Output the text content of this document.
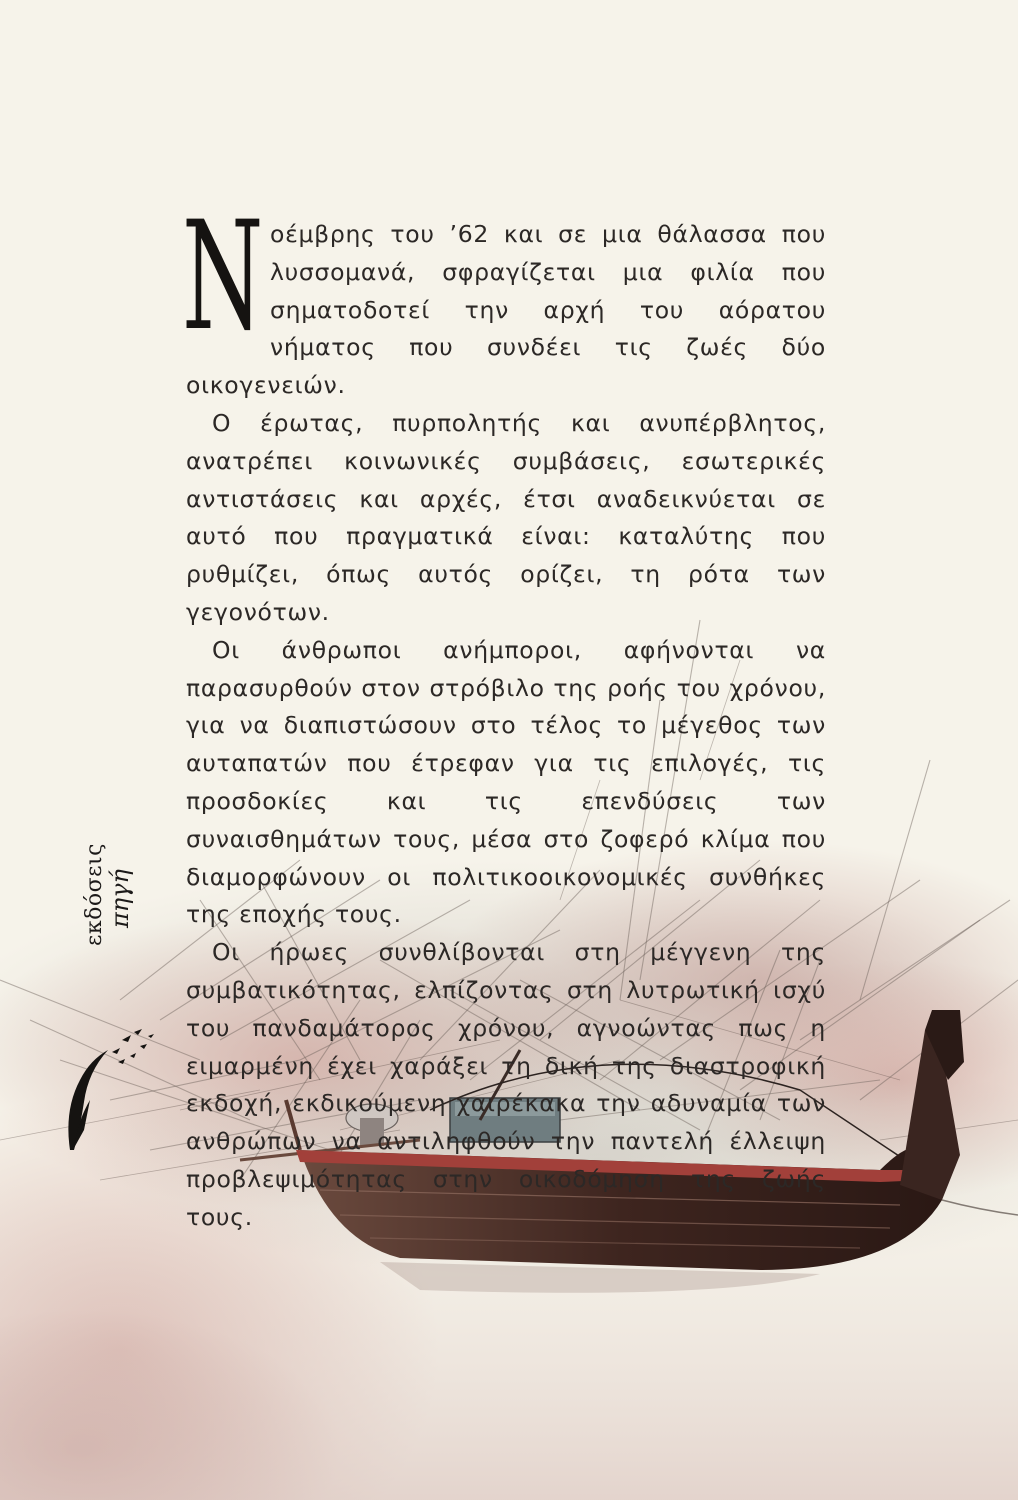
Νοέμβρης του ’62 και σε μια θάλασσα που λυσσομανά, σφραγίζεται μια φιλία που σηματοδοτεί την αρχή του αόρατου νήματος που συνδέει τις ζωές δύο οικογενειών.

Ο έρωτας, πυρπολητής και ανυπέρβλητος, ανατρέπει κοινωνικές συμβάσεις, εσωτερικές αντιστάσεις και αρχές, έτσι αναδεικνύεται σε αυτό που πραγματικά είναι: καταλύτης που ρυθμίζει, όπως αυτός ορίζει, τη ρότα των γεγονότων.

Οι άνθρωποι ανήμποροι, αφήνονται να παρασυρθούν στον στρόβιλο της ροής του χρόνου, για να διαπιστώσουν στο τέλος το μέγεθος των αυταπατών που έτρεφαν για τις επιλογές, τις προσδοκίες και τις επενδύσεις των συναισθημάτων τους, μέσα στο ζοφερό κλίμα που διαμορφώνουν οι πολιτικοοικονομικές συνθήκες της εποχής τους.

Οι ήρωες συνθλίβονται στη μέγγενη της συμβατικότητας, ελπίζοντας στη λυτρωτική ισχύ του πανδαμάτορος χρόνου, αγνοώντας πως η ειμαρμένη έχει χαράξει τη δική της διαστροφική εκδοχή, εκδικούμενη χαιρέκακα την αδυναμία των ανθρώπων να αντιληφθούν την παντελή έλλειψη προβλεψιμότητας στην οικοδόμηση της ζωής τους.

εκδόσεις πηγή
